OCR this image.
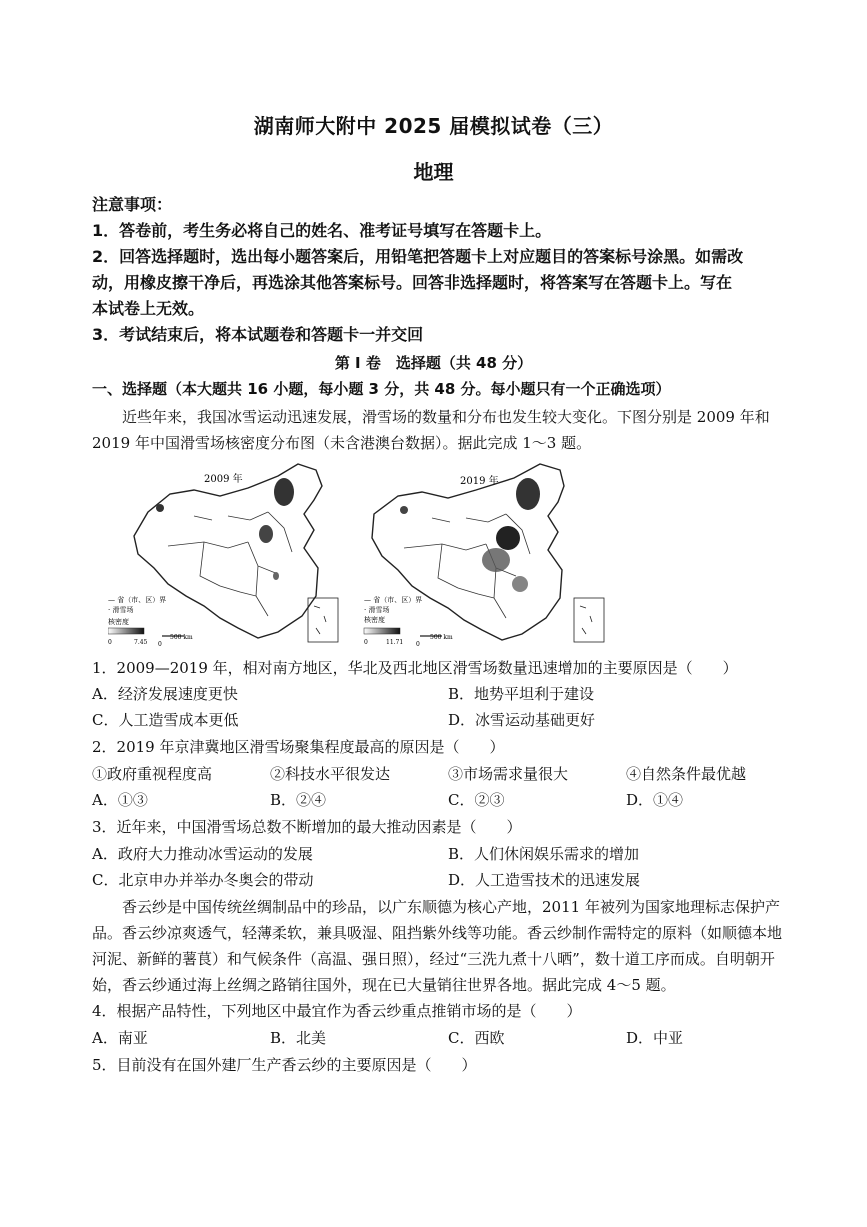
湖南师大附中 2025 届模拟试卷（三）
地理
注意事项：
1．答卷前，考生务必将自己的姓名、准考证号填写在答题卡上。
2．回答选择题时，选出每小题答案后，用铅笔把答题卡上对应题目的答案标号涂黑。如需改
动，用橡皮擦干净后，再选涂其他答案标号。回答非选择题时，将答案写在答题卡上。写在
本试卷上无效。
3．考试结束后，将本试题卷和答题卡一并交回
第 I 卷　选择题（共 48 分）
一、选择题（本大题共 16 小题，每小题 3 分，共 48 分。每小题只有一个正确选项）
近些年来，我国冰雪运动迅速发展，滑雪场的数量和分布也发生较大变化。下图分别是 2009 年和 2019 年中国滑雪场核密度分布图（未含港澳台数据）。据此完成 1～3 题。
2009 年
— 省（市、区）界
· 滑雪场
核密度
0	7.45 0
500 km
2019 年
— 省（市、区）界
· 滑雪场
核密度
0	11.71 0
500 km
1．2009—2019 年，相对南方地区，华北及西北地区滑雪场数量迅速增加的主要原因是（　　）
A．经济发展速度更快	B．地势平坦利于建设
C．人工造雪成本更低	D．冰雪运动基础更好
2．2019 年京津冀地区滑雪场聚集程度最高的原因是（　　）
①政府重视程度高	②科技水平很发达	③市场需求量很大	④自然条件最优越
A．①③	B．②④	C．②③	D．①④
3．近年来，中国滑雪场总数不断增加的最大推动因素是（　　）
A．政府大力推动冰雪运动的发展	B．人们休闲娱乐需求的增加
C．北京申办并举办冬奥会的带动	D．人工造雪技术的迅速发展
香云纱是中国传统丝绸制品中的珍品，以广东顺德为核心产地，2011 年被列为国家地理标志保护产品。香云纱凉爽透气，轻薄柔软，兼具吸湿、阻挡紫外线等功能。香云纱制作需特定的原料（如顺德本地河泥、新鲜的薯茛）和气候条件（高温、强日照），经过“三洗九煮十八晒”，数十道工序而成。自明朝开始，香云纱通过海上丝绸之路销往国外，现在已大量销往世界各地。据此完成 4～5 题。
4．根据产品特性，下列地区中最宜作为香云纱重点推销市场的是（　　）
A．南亚	B．北美	C．西欧	D．中亚
5．目前没有在国外建厂生产香云纱的主要原因是（　　）
